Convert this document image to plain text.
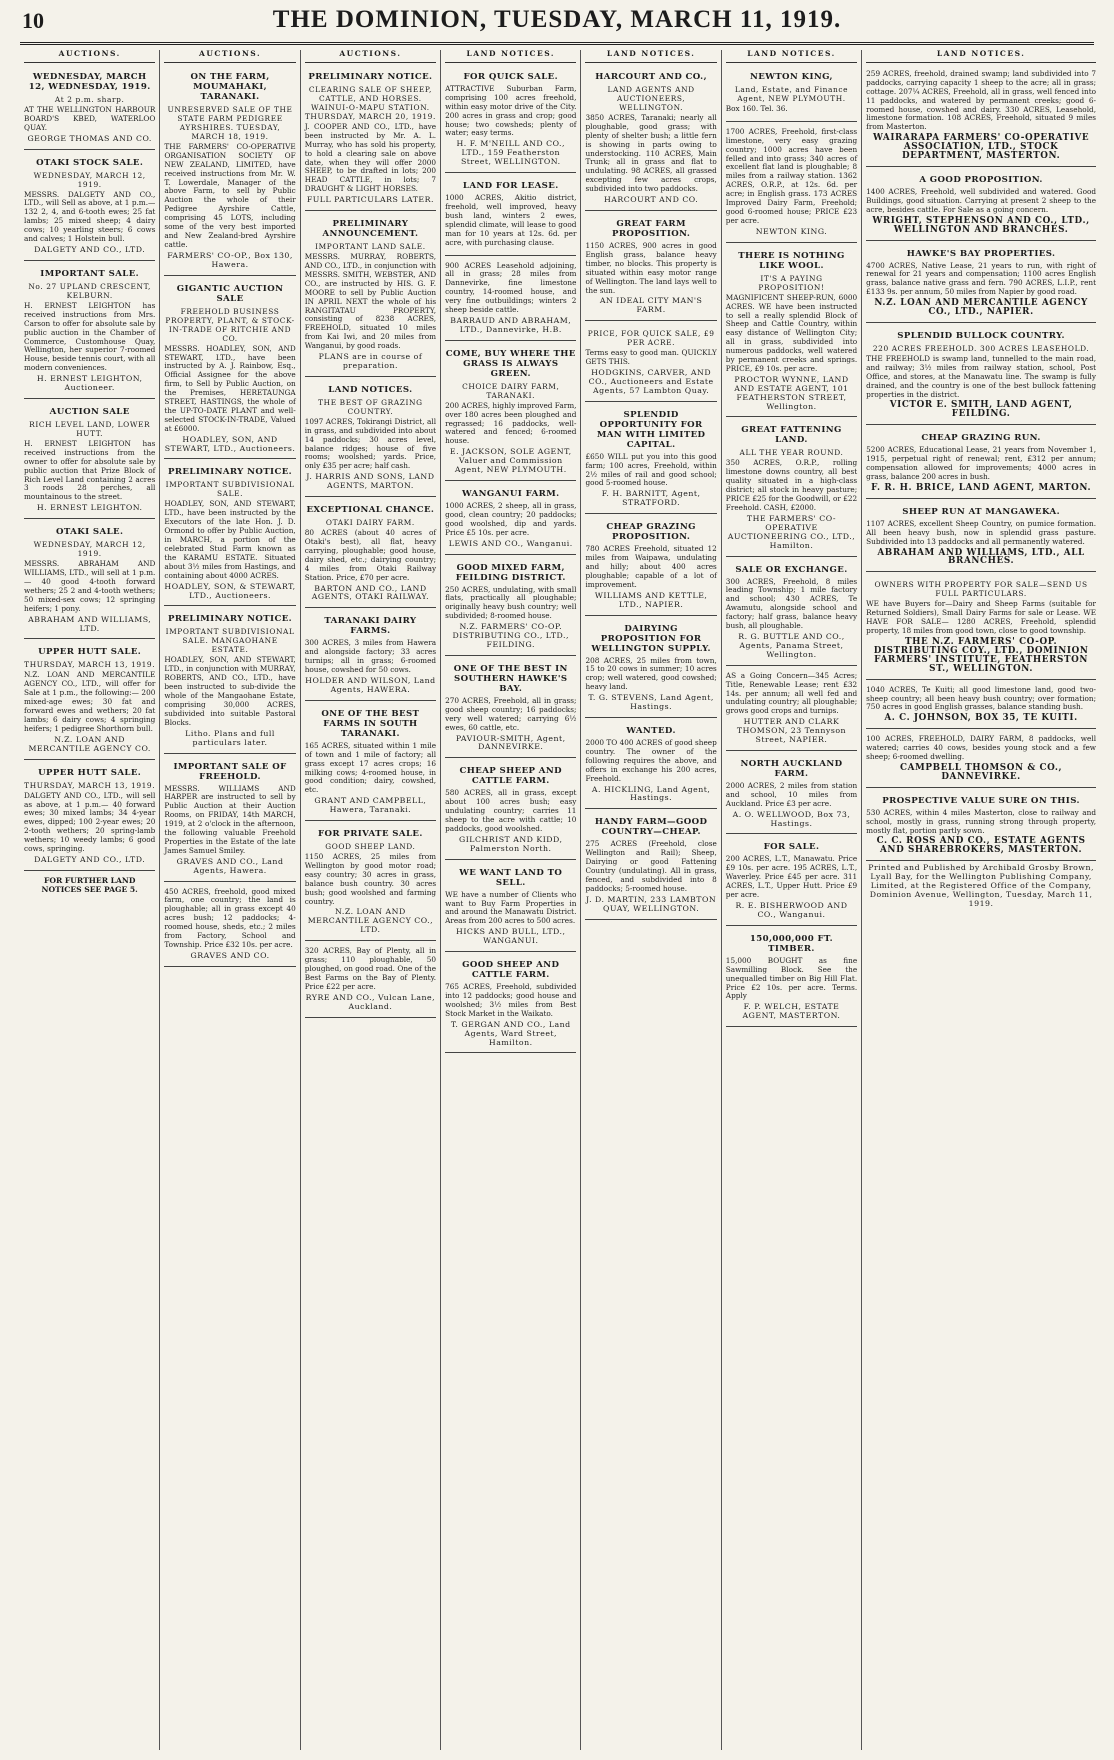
10	THE DOMINION, TUESDAY, MARCH 11, 1919.
AUCTIONS.
WEDNESDAY, MARCH 12, WEDNESDAY, 1919.
At 2 p.m. sharp.

AT THE WELLINGTON HARBOUR BOARD'S KBED, WATERLOO QUAY.

GEORGE THOMAS AND CO.
OTAKI STOCK SALE.
WEDNESDAY, MARCH 12, 1919.

MESSRS. DALGETY AND CO., LTD., will Sell as above, at 1 p.m.— 132 2, 4, and 6-tooth ewes; 25 fat lambs; 25 mixed sheep; 4 dairy cows; 10 yearling steers; 6 cows and calves; 1 Holstein bull.

DALGETY AND CO., LTD.
IMPORTANT SALE.
No. 27 UPLAND CRESCENT, KELBURN.

H. ERNEST LEIGHTON has received instructions from Mrs. Carson to offer for absolute sale by public auction in the Chamber of Commerce, Customhouse Quay, Wellington, her superior 7-roomed House, beside tennis court, with all modern conveniences.

H. ERNEST LEIGHTON, Auctioneer.
AUCTION SALE
RICH LEVEL LAND, LOWER HUTT.

H. ERNEST LEIGHTON has received instructions from the owner to offer for absolute sale by public auction that Prize Block of Rich Level Land containing 2 acres 3 roods 28 perches, all mountainous to the street.

H. ERNEST LEIGHTON.
OTAKI SALE.
WEDNESDAY, MARCH 12, 1919.

MESSRS. ABRAHAM AND WILLIAMS, LTD., will sell at 1 p.m.— 40 good 4-tooth forward wethers; 25 2 and 4-tooth wethers; 50 mixed-sex cows; 12 springing heifers; 1 pony.

ABRAHAM AND WILLIAMS, LTD.
UPPER HUTT SALE.
THURSDAY, MARCH 13, 1919.

N.Z. LOAN AND MERCANTILE AGENCY CO., LTD., will offer for Sale at 1 p.m., the following:— 200 mixed-age ewes; 30 fat and forward ewes and wethers; 20 fat lambs; 6 dairy cows; 4 springing heifers; 1 pedigree Shorthorn bull.

N.Z. LOAN AND MERCANTILE AGENCY CO.
UPPER HUTT SALE.
THURSDAY, MARCH 13, 1919.

DALGETY AND CO., LTD., will sell as above, at 1 p.m.— 40 forward ewes; 30 mixed lambs; 34 4-year ewes, dipped; 100 2-year ewes; 20 2-tooth wethers; 20 spring-lamb wethers; 10 weedy lambs; 6 good cows, springing.

DALGETY AND CO., LTD.
FOR FURTHER LAND NOTICES SEE PAGE 5.
AUCTIONS.
ON THE FARM, MOUMAHAKI, TARANAKI.
UNRESERVED SALE OF THE STATE FARM PEDIGREE AYRSHIRES. TUESDAY, MARCH 18, 1919.

THE FARMERS' CO-OPERATIVE ORGANISATION SOCIETY OF NEW ZEALAND, LIMITED, have received instructions from Mr. W. T. Lowerdale, Manager of the above Farm, to sell by Public Auction the whole of their Pedigree Ayrshire Cattle, comprising 45 LOTS, including some of the very best imported and New Zealand-bred Ayrshire cattle.

FARMERS' CO-OP., Box 130, Hawera.
GIGANTIC AUCTION SALE
FREEHOLD BUSINESS PROPERTY, PLANT, & STOCK-IN-TRADE OF RITCHIE AND CO.

MESSRS. HOADLEY, SON, AND STEWART, LTD., have been instructed by A. J. Rainbow, Esq., Official Assignee for the above firm, to Sell by Public Auction, on the Premises, HERETAUNGA STREET, HASTINGS, the whole of the UP-TO-DATE PLANT and well-selected STOCK-IN-TRADE, Valued at £6000.

HOADLEY, SON, AND STEWART, LTD., Auctioneers.
PRELIMINARY NOTICE.
IMPORTANT SUBDIVISIONAL SALE.

HOADLEY, SON, AND STEWART, LTD., have been instructed by the Executors of the late Hon. J. D. Ormond to offer by Public Auction, in MARCH, a portion of the celebrated Stud Farm known as the KARAMU ESTATE. Situated about 3½ miles from Hastings, and containing about 4000 ACRES.

HOADLEY, SON, & STEWART, LTD., Auctioneers.
PRELIMINARY NOTICE.
IMPORTANT SUBDIVISIONAL SALE. MANGAOHANE ESTATE.

HOADLEY, SON, AND STEWART, LTD., in conjunction with MURRAY, ROBERTS, AND CO., LTD., have been instructed to sub-divide the whole of the Mangaohane Estate, comprising 30,000 ACRES, subdivided into suitable Pastoral Blocks.

Litho. Plans and full particulars later.
IMPORTANT SALE OF FREEHOLD.

MESSRS. WILLIAMS AND HARPER are instructed to sell by Public Auction at their Auction Rooms, on FRIDAY, 14th MARCH, 1919, at 2 o'clock in the afternoon, the following valuable Freehold Properties in the Estate of the late James Samuel Smiley.

GRAVES AND CO., Land Agents, Hawera.

450 ACRES, freehold, good mixed farm, one country; the land is ploughable; all in grass except 40 acres bush; 12 paddocks; 4-roomed house, sheds, etc.; 2 miles from Factory, School and Township. Price £32 10s. per acre.

GRAVES AND CO.
AUCTIONS.
PRELIMINARY NOTICE.
CLEARING SALE OF SHEEP, CATTLE, AND HORSES. WAINUI-O-MAPU STATION. THURSDAY, MARCH 20, 1919.

J. COOPER AND CO., LTD., have been instructed by Mr. A. L. Murray, who has sold his property, to hold a clearing sale on above date, when they will offer 2000 SHEEP, to be drafted in lots; 200 HEAD CATTLE, in lots; 7 DRAUGHT & LIGHT HORSES.

FULL PARTICULARS LATER.
PRELIMINARY ANNOUNCEMENT.
IMPORTANT LAND SALE.

MESSRS. MURRAY, ROBERTS, AND CO., LTD., in conjunction with MESSRS. SMITH, WEBSTER, AND CO., are instructed by HIS. G. F. MOORE to sell by Public Auction IN APRIL NEXT the whole of his RANGITATAU PROPERTY, consisting of 8238 ACRES, FREEHOLD, situated 10 miles from Kai Iwi, and 20 miles from Wanganui, by good roads.

PLANS are in course of preparation.
LAND NOTICES.
THE BEST OF GRAZING COUNTRY.

1097 ACRES, Tokirangi District, all in grass, and subdivided into about 14 paddocks; 30 acres level, balance ridges; house of five rooms; woolshed; yards. Price, only £35 per acre; half cash.

J. HARRIS AND SONS, LAND AGENTS, MARTON.
EXCEPTIONAL CHANCE.
OTAKI DAIRY FARM.

80 ACRES (about 40 acres of Otaki's best), all flat, heavy carrying, ploughable; good house, dairy shed, etc.; dairying country; 4 miles from Otaki Railway Station. Price, £70 per acre.

BARTON AND CO., LAND AGENTS, OTAKI RAILWAY.
TARANAKI DAIRY FARMS.

300 ACRES, 3 miles from Hawera and alongside factory; 33 acres turnips; all in grass; 6-roomed house, cowshed for 50 cows.

HOLDER AND WILSON, Land Agents, HAWERA.
ONE OF THE BEST FARMS IN SOUTH TARANAKI.

165 ACRES, situated within 1 mile of town and 1 mile of factory; all grass except 17 acres crops; 16 milking cows; 4-roomed house, in good condition; dairy, cowshed, etc.

GRANT AND CAMPBELL, Hawera, Taranaki.
FOR PRIVATE SALE.
GOOD SHEEP LAND.

1150 ACRES, 25 miles from Wellington by good motor road; easy country; 30 acres in grass, balance bush country. 30 acres bush; good woolshed and farming country.

N.Z. LOAN AND MERCANTILE AGENCY CO., LTD.

320 ACRES, Bay of Plenty, all in grass; 110 ploughable, 50 ploughed, on good road. One of the Best Farms on the Bay of Plenty. Price £22 per acre.

RYRE AND CO., Vulcan Lane, Auckland.
LAND NOTICES.
FOR QUICK SALE.

ATTRACTIVE Suburban Farm, comprising 100 acres freehold, within easy motor drive of the City. 200 acres in grass and crop; good house; two cowsheds; plenty of water; easy terms.

H. F. M'NEILL AND CO., LTD., 159 Featherston Street, WELLINGTON.
LAND FOR LEASE.

1000 ACRES, Akitio district, freehold, well improved, heavy bush land, winters 2 ewes, splendid climate, will lease to good man for 10 years at 12s. 6d. per acre, with purchasing clause.

900 ACRES Leasehold adjoining, all in grass; 28 miles from Dannevirke, fine limestone country, 14-roomed house, and very fine outbuildings; winters 2 sheep beside cattle.

BARRAUD AND ABRAHAM, LTD., Dannevirke, H.B.
COME, BUY WHERE THE GRASS IS ALWAYS GREEN.
CHOICE DAIRY FARM, TARANAKI.

200 ACRES, highly improved Farm, over 180 acres been ploughed and regrassed; 16 paddocks, well-watered and fenced; 6-roomed house.

E. JACKSON, SOLE AGENT, Valuer and Commission Agent, NEW PLYMOUTH.
WANGANUI FARM.

1000 ACRES, 2 sheep, all in grass, good, clean country; 20 paddocks; good woolshed, dip and yards. Price £5 10s. per acre.

LEWIS AND CO., Wanganui.
GOOD MIXED FARM, FEILDING DISTRICT.

250 ACRES, undulating, with small flats, practically all ploughable; originally heavy bush country; well subdivided; 8-roomed house.

N.Z. FARMERS' CO-OP. DISTRIBUTING CO., LTD., FEILDING.
ONE OF THE BEST IN SOUTHERN HAWKE'S BAY.

270 ACRES, Freehold, all in grass; good sheep country; 16 paddocks; very well watered; carrying 6½ ewes, 60 cattle, etc.

PAVIOUR-SMITH, Agent, DANNEVIRKE.
CHEAP SHEEP AND CATTLE FARM.

580 ACRES, all in grass, except about 100 acres bush; easy undulating country; carries 11 sheep to the acre with cattle; 10 paddocks, good woolshed.

GILCHRIST AND KIDD, Palmerston North.
WE WANT LAND TO SELL.

WE have a number of Clients who want to Buy Farm Properties in and around the Manawatu District. Areas from 200 acres to 500 acres.

HICKS AND BULL, LTD., WANGANUI.
GOOD SHEEP AND CATTLE FARM.

765 ACRES, Freehold, subdivided into 12 paddocks; good house and woolshed; 3½ miles from Best Stock Market in the Waikato.

T. GERGAN AND CO., Land Agents, Ward Street, Hamilton.
LAND NOTICES.
HARCOURT AND CO.,
LAND AGENTS AND AUCTIONEERS, WELLINGTON.

3850 ACRES, Taranaki; nearly all ploughable, good grass; with plenty of shelter bush; a little fern is showing in parts owing to understocking. 110 ACRES, Main Trunk; all in grass and flat to undulating. 98 ACRES, all grassed excepting few acres crops, subdivided into two paddocks.

HARCOURT AND CO.
GREAT FARM PROPOSITION.

1150 ACRES, 900 acres in good English grass, balance heavy timber, no blocks. This property is situated within easy motor range of Wellington. The land lays well to the sun.

AN IDEAL CITY MAN'S FARM.
PRICE, FOR QUICK SALE, £9 PER ACRE.

Terms easy to good man. QUICKLY GETS THIS.

HODGKINS, CARVER, AND CO., Auctioneers and Estate Agents, 57 Lambton Quay.
SPLENDID OPPORTUNITY FOR MAN WITH LIMITED CAPITAL.

£650 WILL put you into this good farm; 100 acres, Freehold, within 2½ miles of rail and good school; good 5-roomed house.

F. H. BARNITT, Agent, STRATFORD.
CHEAP GRAZING PROPOSITION.

780 ACRES Freehold, situated 12 miles from Waipawa, undulating and hilly; about 400 acres ploughable; capable of a lot of improvement.

WILLIAMS AND KETTLE, LTD., NAPIER.
DAIRYING PROPOSITION FOR WELLINGTON SUPPLY.

208 ACRES, 25 miles from town, 15 to 20 cows in summer; 10 acres crop; well watered, good cowshed; heavy land.

T. G. STEVENS, Land Agent, Hastings.
WANTED.

2000 TO 400 ACRES of good sheep country. The owner of the following requires the above, and offers in exchange his 200 acres, Freehold.

A. HICKLING, Land Agent, Hastings.
HANDY FARM—GOOD COUNTRY—CHEAP.

275 ACRES (Freehold, close Wellington and Rail); Sheep, Dairying or good Fattening Country (undulating). All in grass, fenced, and subdivided into 8 paddocks; 5-roomed house.

J. D. MARTIN, 233 LAMBTON QUAY, WELLINGTON.
LAND NOTICES.
NEWTON KING,
Land, Estate, and Finance Agent, NEW PLYMOUTH.

Box 160. Tel. 36.

1700 ACRES, Freehold, first-class limestone, very easy grazing country; 1000 acres have been felled and into grass; 340 acres of excellent flat land is ploughable; 8 miles from a railway station. 1362 ACRES, O.R.P., at 12s. 6d. per acre; in English grass. 173 ACRES Improved Dairy Farm, Freehold; good 6-roomed house; PRICE £23 per acre.

NEWTON KING.
THERE IS NOTHING LIKE WOOL.
IT'S A PAYING PROPOSITION!

MAGNIFICENT SHEEP-RUN, 6000 ACRES. WE have been instructed to sell a really splendid Block of Sheep and Cattle Country, within easy distance of Wellington City; all in grass, subdivided into numerous paddocks, well watered by permanent creeks and springs. PRICE, £9 10s. per acre.

PROCTOR WYNNE, LAND AND ESTATE AGENT, 101 FEATHERSTON STREET, Wellington.
GREAT FATTENING LAND.
ALL THE YEAR ROUND.

350 ACRES, O.R.P., rolling limestone downs country, all best quality situated in a high-class district; all stock in heavy pasture; PRICE £25 for the Goodwill, or £22 Freehold. CASH, £2000.

THE FARMERS' CO-OPERATIVE AUCTIONEERING CO., LTD., Hamilton.
SALE OR EXCHANGE.

300 ACRES, Freehold, 8 miles leading Township; 1 mile factory and school; 430 ACRES, Te Awamutu, alongside school and factory; half grass, balance heavy bush, all ploughable.

R. G. BUTTLE AND CO., Agents, Panama Street, Wellington.

AS a Going Concern—345 Acres; Title, Renewable Lease; rent £32 14s. per annum; all well fed and undulating country; all ploughable; grows good crops and turnips.

HUTTER AND CLARK THOMSON, 23 Tennyson Street, NAPIER.
NORTH AUCKLAND FARM.

2000 ACRES, 2 miles from station and school, 10 miles from Auckland. Price £3 per acre.

A. O. WELLWOOD, Box 73, Hastings.
FOR SALE.

200 ACRES, L.T., Manawatu. Price £9 10s. per acre. 195 ACRES, L.T., Waverley. Price £45 per acre. 311 ACRES, L.T., Upper Hutt. Price £9 per acre.

R. E. BISHERWOOD AND CO., Wanganui.
150,000,000 FT. TIMBER.

15,000 BOUGHT as fine Sawmilling Block. See the unequalled timber on Big Hill Flat. Price £2 10s. per acre. Terms. Apply

F. P. WELCH, ESTATE AGENT, MASTERTON.
LAND NOTICES.

259 ACRES, freehold, drained swamp; land subdivided into 7 paddocks, carrying capacity 1 sheep to the acre; all in grass; cottage. 207¼ ACRES, Freehold, all in grass, well fenced into 11 paddocks, and watered by permanent creeks; good 6-roomed house, cowshed and dairy. 330 ACRES, Leasehold, limestone formation. 108 ACRES, Freehold, situated 9 miles from Masterton.

WAIRARAPA FARMERS' CO-OPERATIVE ASSOCIATION, LTD., STOCK DEPARTMENT, MASTERTON.
A GOOD PROPOSITION.

1400 ACRES, Freehold, well subdivided and watered. Good Buildings, good situation. Carrying at present 2 sheep to the acre, besides cattle. For Sale as a going concern.

WRIGHT, STEPHENSON AND CO., LTD., WELLINGTON AND BRANCHES.
HAWKE'S BAY PROPERTIES.

4700 ACRES, Native Lease, 21 years to run, with right of renewal for 21 years and compensation; 1100 acres English grass, balance native grass and fern. 790 ACRES, L.I.P., rent £133 9s. per annum, 50 miles from Napier by good road.

N.Z. LOAN AND MERCANTILE AGENCY CO., LTD., NAPIER.
SPLENDID BULLOCK COUNTRY.
220 ACRES FREEHOLD. 300 ACRES LEASEHOLD.

THE FREEHOLD is swamp land, tunnelled to the main road, and railway; 3½ miles from railway station, school, Post Office, and stores, at the Manawatu line. The swamp is fully drained, and the country is one of the best bullock fattening properties in the district.

VICTOR E. SMITH, LAND AGENT, FEILDING.
CHEAP GRAZING RUN.

5200 ACRES, Educational Lease, 21 years from November 1, 1915, perpetual right of renewal; rent, £312 per annum; compensation allowed for improvements; 4000 acres in grass, balance 200 acres in bush.

F. R. H. BRICE, LAND AGENT, MARTON.
SHEEP RUN AT MANGAWEKA.

1107 ACRES, excellent Sheep Country, on pumice formation. All been heavy bush, now in splendid grass pasture. Subdivided into 13 paddocks and all permanently watered.

ABRAHAM AND WILLIAMS, LTD., ALL BRANCHES.
OWNERS WITH PROPERTY FOR SALE—SEND US FULL PARTICULARS.

WE have Buyers for—Dairy and Sheep Farms (suitable for Returned Soldiers), Small Dairy Farms for sale or Lease. WE HAVE FOR SALE— 1280 ACRES, Freehold, splendid property, 18 miles from good town, close to good township.

THE N.Z. FARMERS' CO-OP. DISTRIBUTING COY., LTD., DOMINION FARMERS' INSTITUTE, FEATHERSTON ST., WELLINGTON.

1040 ACRES, Te Kuiti; all good limestone land, good two-sheep country; all been heavy bush country; over formation; 750 acres in good English grasses, balance standing bush.

A. C. JOHNSON, BOX 35, TE KUITI.

100 ACRES, FREEHOLD, DAIRY FARM, 8 paddocks, well watered; carries 40 cows, besides young stock and a few sheep; 6-roomed dwelling.

CAMPBELL THOMSON & CO., DANNEVIRKE.
PROSPECTIVE VALUE SURE ON THIS.

530 ACRES, within 4 miles Masterton, close to railway and school, mostly in grass, running strong through property, mostly flat, portion partly sown.

C. C. ROSS AND CO., ESTATE AGENTS AND SHAREBROKERS, MASTERTON.
Printed and Published by Archibald Grosby Brown, Lyall Bay, for the Wellington Publishing Company, Limited, at the Registered Office of the Company, Dominion Avenue, Wellington, Tuesday, March 11, 1919.
